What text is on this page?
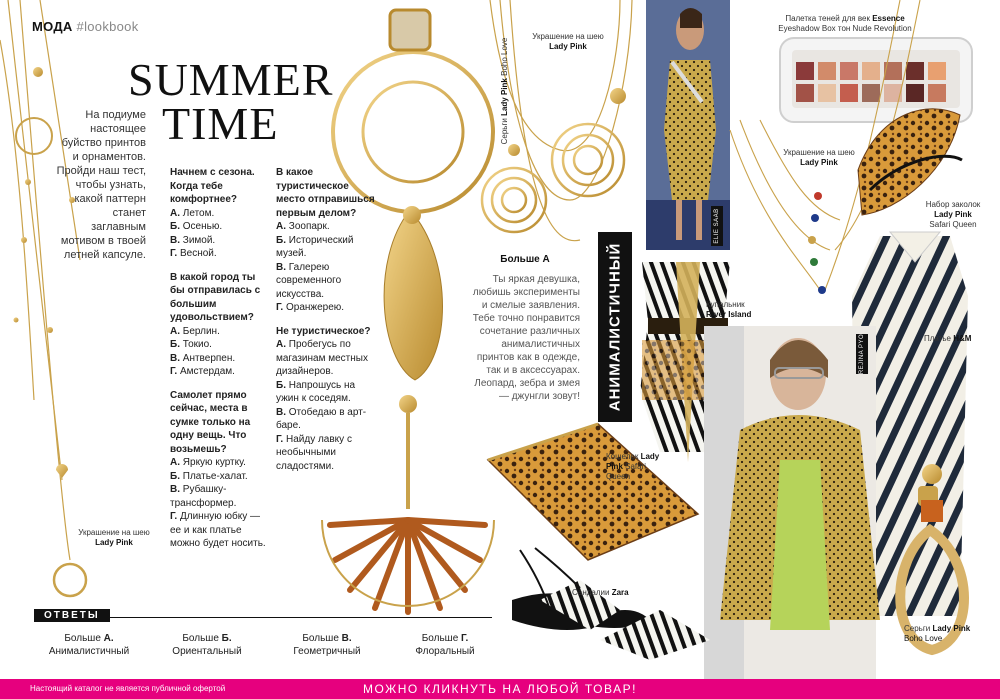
МОДА #lookbook
SUMMER
TIME
На подиуме настоящее буйство принтов и орнаментов. Пройди наш тест, чтобы узнать, какой паттерн станет заглавным мотивом в твоей летней капсуле.
Начнем с сезона. Когда тебе комфортнее?
А. Летом.
Б. Осенью.
В. Зимой.
Г. Весной.
В какой город ты бы отправилась с большим удовольствием?
А. Берлин.
Б. Токио.
В. Антверпен.
Г. Амстердам.
Самолет прямо сейчас, места в сумке только на одну вещь. Что возьмешь?
А. Яркую куртку.
Б. Платье-халат.
В. Рубашку-трансформер.
Г. Длинную юбку — ее и как платье можно будет носить.
В какое туристическое место отправишься первым делом?
А. Зоопарк.
Б. Исторический музей.
В. Галерею современного искусства.
Г. Оранжерею.
Не туристическое?
А. Пробегусь по магазинам местных дизайнеров.
Б. Напрошусь на ужин к соседям.
В. Отобедаю в арт-баре.
Г. Найду лавку с необычными сладостями.
Больше А
Ты яркая девушка, любишь эксперименты и смелые заявления. Тебе точно понравится сочетание различных анималистичных принтов как в одежде, так и в аксессуарах. Леопард, зебра и змея — джунгли зовут! АНИМАЛИСТИЧНЫЙ
ELIE SAAB
REJINA PYO
Украшение на шею
Lady Pink
Украшение на шею
Lady Pink
Серьги Lady Pink Boho Love
Палетка теней для век Essence
Eyeshadow Box тон Nude Revolution
Украшение на шею
Lady Pink
Набор заколок
Lady Pink
Safari Queen
Купальник
River Island
Платье H&M
Кошелек Lady Pink Safari Queen
Сандалии Zara
Серьги Lady Pink
Boho Love
ОТВЕТЫ
Больше А.
Анималистичный
Больше Б.
Ориентальный
Больше В.
Геометричный
Больше Г.
Флоральный
Настоящий каталог не является публичной офертой	МОЖНО КЛИКНУТЬ НА ЛЮБОЙ ТОВАР!
